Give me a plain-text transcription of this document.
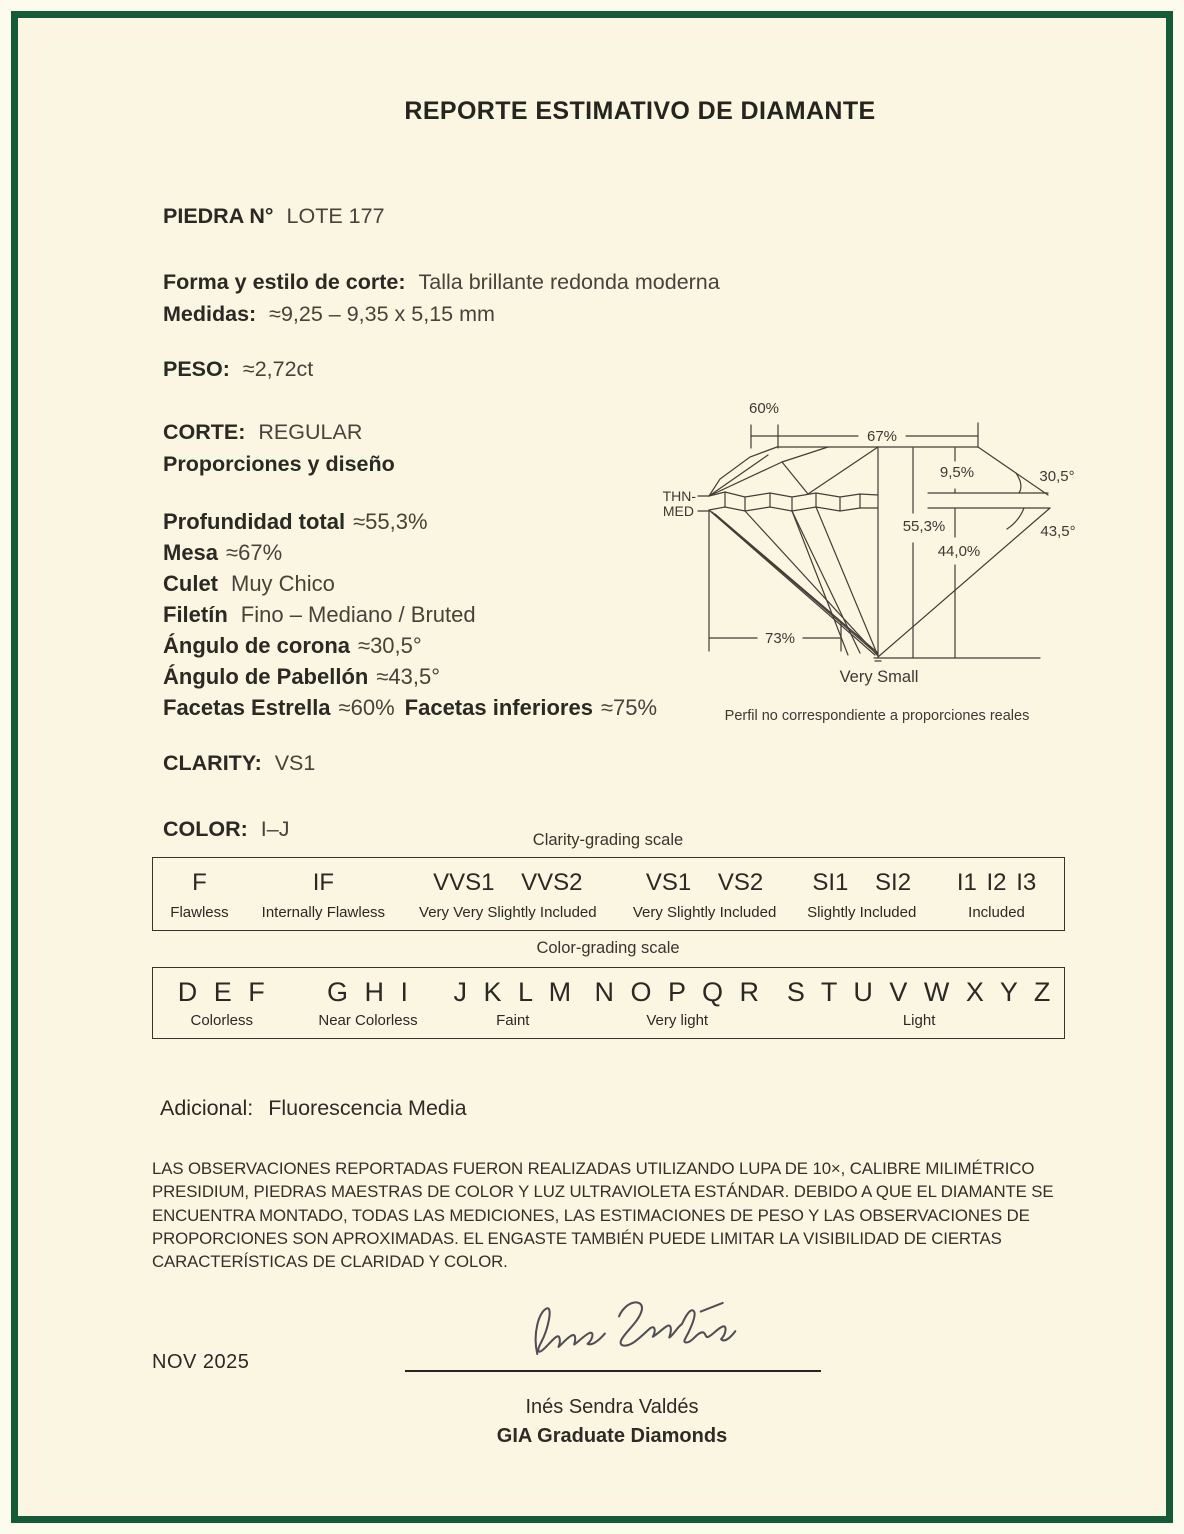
REPORTE ESTIMATIVO DE DIAMANTE
PIEDRA N° LOTE 177
Forma y estilo de corte: Talla brillante redonda moderna
Medidas: ≈9,25 – 9,35 x 5,15 mm
PESO: ≈2,72ct
CORTE: REGULAR
Proporciones y diseño
Profundidad total ≈55,3%
Mesa ≈67%
Culet Muy Chico
Filetín Fino – Mediano / Bruted
Ángulo de corona ≈30,5°
Ángulo de Pabellón ≈43,5°
Facetas Estrella ≈60% Facetas inferiores ≈75%
CLARITY: VS1
COLOR: I–J
60%
67%
9,5%	30,5°
55,3%	43,5°
44,0%
73%
THN-
MED
Very Small
Perfil no correspondiente a proporciones reales
Clarity-grading scale
F
Flawless
IF
Internally Flawless
VVS1 VVS2
Very Very Slightly Included
VS1 VS2
Very Slightly Included
SI1 SI2
Slightly Included
I1 I2 I3
Included
Color-grading scale
D E F
Colorless
G H I
Near Colorless
J K L M
Faint
N O P Q R
Very light
S T U V W X Y Z
Light
Adicional: Fluorescencia Media
LAS OBSERVACIONES REPORTADAS FUERON REALIZADAS UTILIZANDO LUPA DE 10×, CALIBRE MILIMÉTRICO PRESIDIUM, PIEDRAS MAESTRAS DE COLOR Y LUZ ULTRAVIOLETA ESTÁNDAR. DEBIDO A QUE EL DIAMANTE SE ENCUENTRA MONTADO, TODAS LAS MEDICIONES, LAS ESTIMACIONES DE PESO Y LAS OBSERVACIONES DE PROPORCIONES SON APROXIMADAS. EL ENGASTE TAMBIÉN PUEDE LIMITAR LA VISIBILIDAD DE CIERTAS CARACTERÍSTICAS DE CLARIDAD Y COLOR.
NOV 2025
Inés Sendra Valdés
GIA Graduate Diamonds
